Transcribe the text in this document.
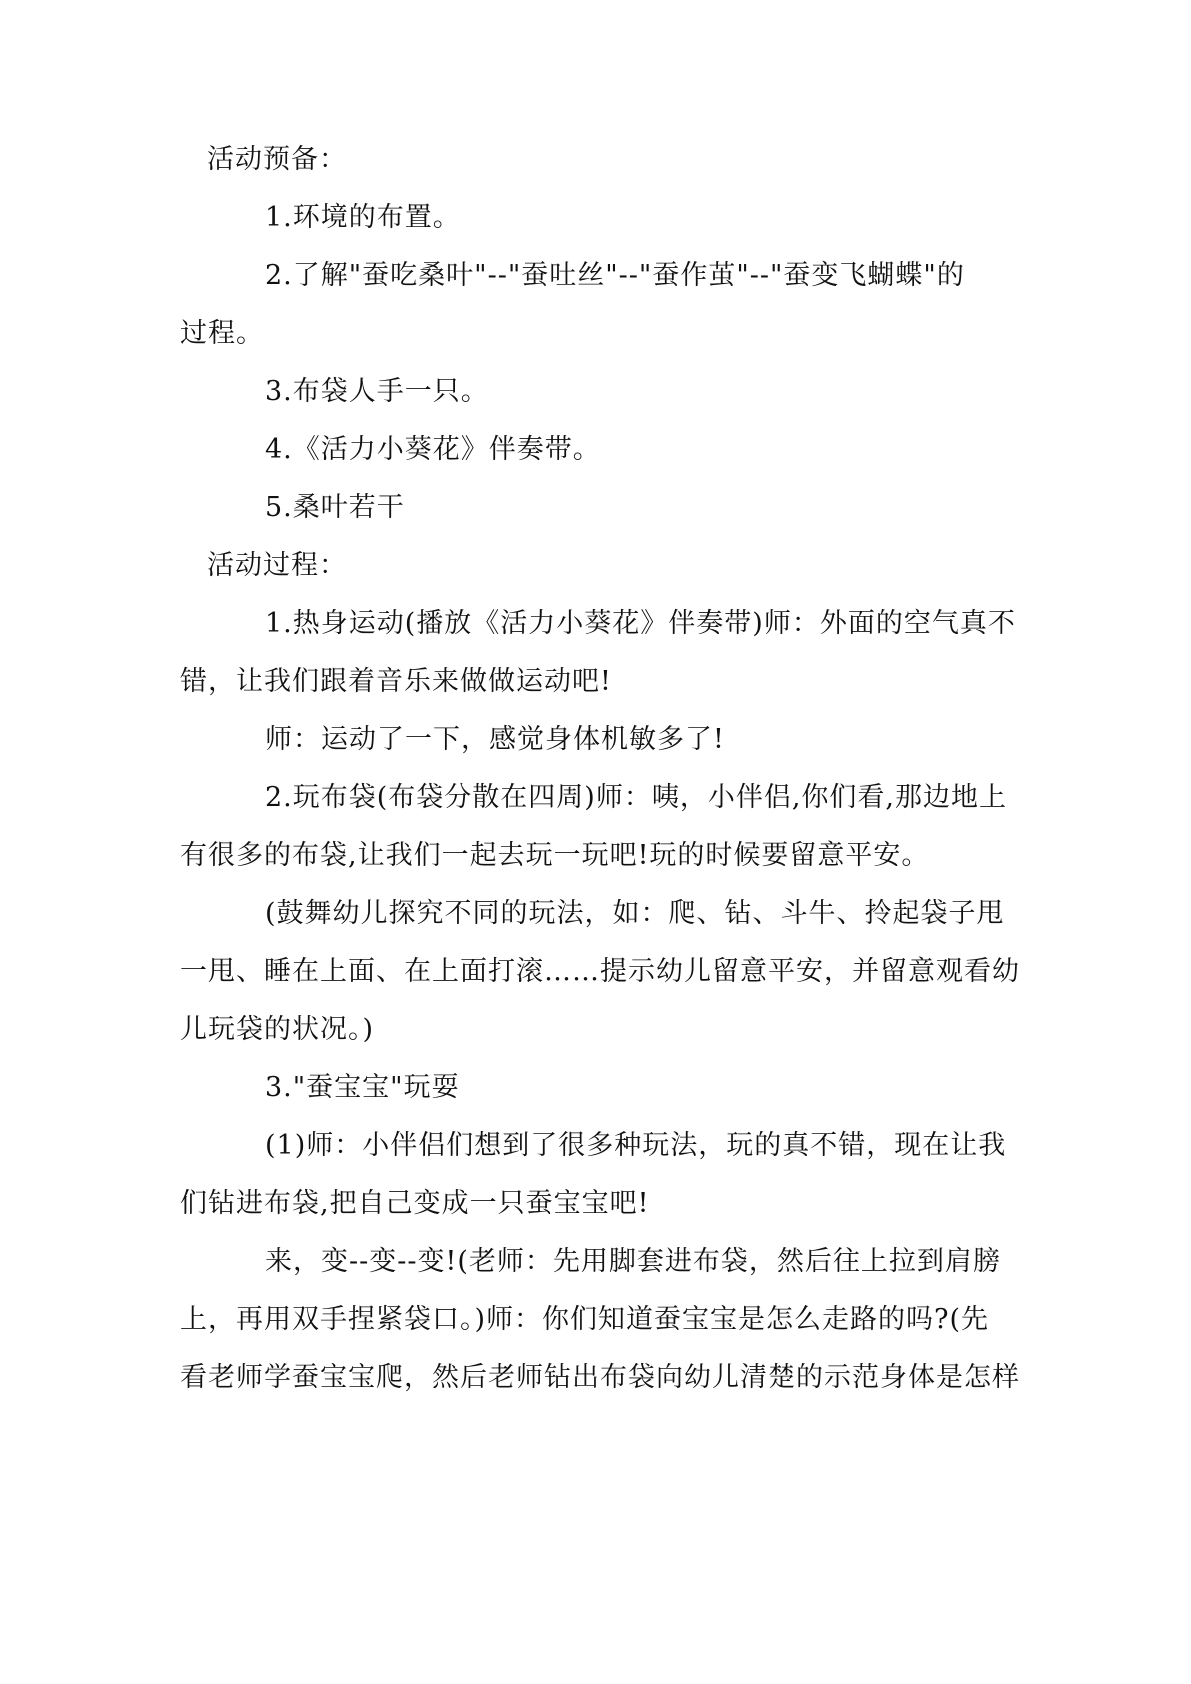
活动预备：

1.环境的布置。

2.了解"蚕吃桑叶"--"蚕吐丝"--"蚕作茧"--"蚕变飞蝴蝶"的

过程。

3.布袋人手一只。

4.《活力小葵花》伴奏带。

5.桑叶若干

活动过程：

1.热身运动(播放《活力小葵花》伴奏带)师：外面的空气真不

错，让我们跟着音乐来做做运动吧!

师：运动了一下，感觉身体机敏多了!

2.玩布袋(布袋分散在四周)师：咦，小伴侣,你们看,那边地上

有很多的布袋,让我们一起去玩一玩吧!玩的时候要留意平安。

(鼓舞幼儿探究不同的玩法，如：爬、钻、斗牛、拎起袋子甩

一甩、睡在上面、在上面打滚……提示幼儿留意平安，并留意观看幼

儿玩袋的状况。)

3."蚕宝宝"玩耍

(1)师：小伴侣们想到了很多种玩法，玩的真不错，现在让我

们钻进布袋,把自己变成一只蚕宝宝吧!

来，变--变--变!(老师：先用脚套进布袋，然后往上拉到肩膀

上，再用双手捏紧袋口。)师：你们知道蚕宝宝是怎么走路的吗?(先

看老师学蚕宝宝爬，然后老师钻出布袋向幼儿清楚的示范身体是怎样
